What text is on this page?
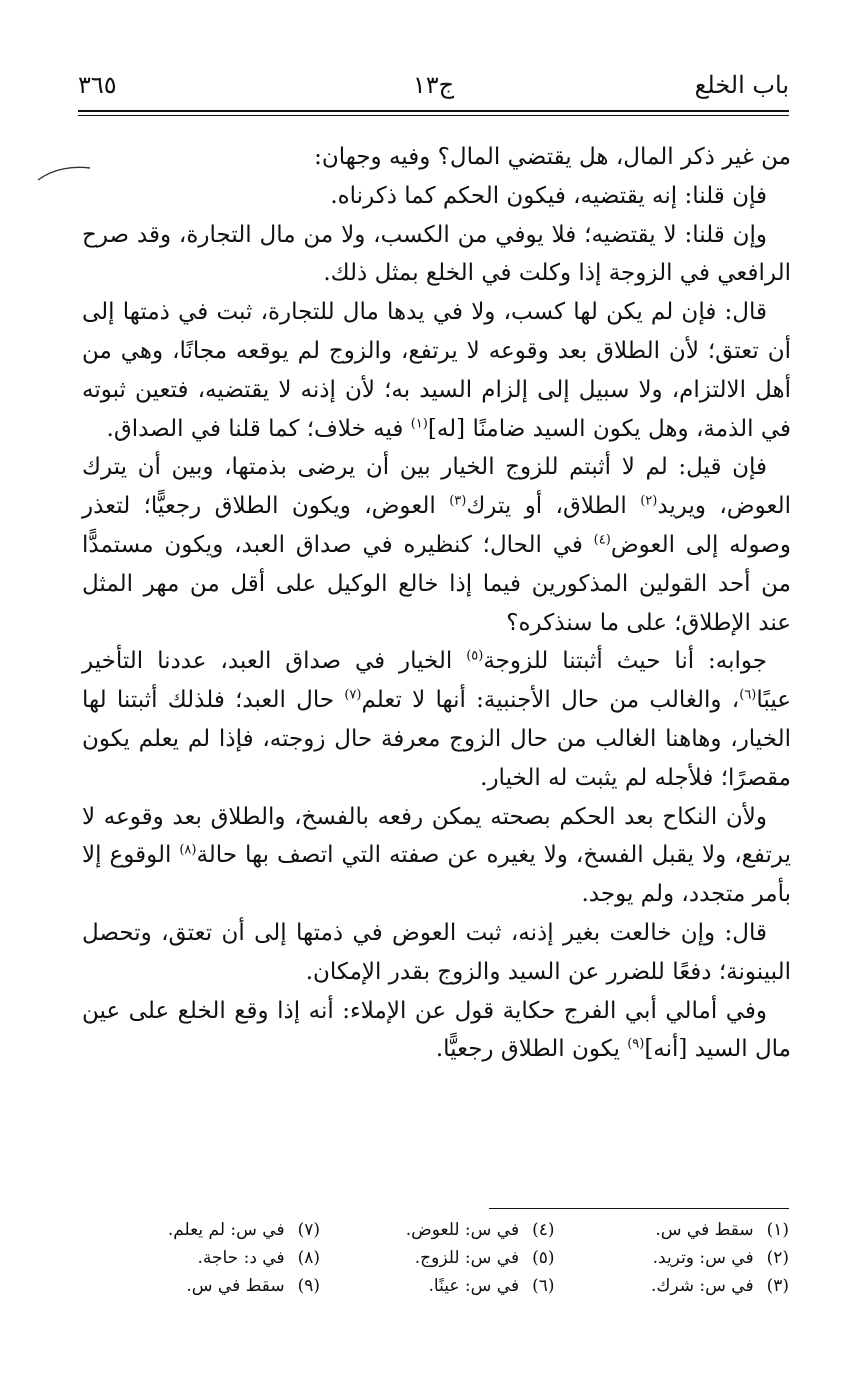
باب الخلع
ج١٣
٣٦٥

من غير ذكر المال، هل يقتضي المال؟ وفيه وجهان:

فإن قلنا: إنه يقتضيه، فيكون الحكم كما ذكرناه.

وإن قلنا: لا يقتضيه؛ فلا يوفي من الكسب، ولا من مال التجارة، وقد صرح الرافعي في الزوجة إذا وكلت في الخلع بمثل ذلك.

قال: فإن لم يكن لها كسب، ولا في يدها مال للتجارة، ثبت في ذمتها إلى أن تعتق؛ لأن الطلاق بعد وقوعه لا يرتفع، والزوج لم يوقعه مجانًا، وهي من أهل الالتزام، ولا سبيل إلى إلزام السيد به؛ لأن إذنه لا يقتضيه، فتعين ثبوته في الذمة، وهل يكون السيد ضامنًا [له]$^{(١)}$ فيه خلاف؛ كما قلنا في الصداق.

فإن قيل: لم لا أثبتم للزوج الخيار بين أن يرضى بذمتها، وبين أن يترك العوض، ويريد$^{(٢)}$ الطلاق، أو يترك$^{(٣)}$ العوض، ويكون الطلاق رجعيًّا؛ لتعذر وصوله إلى العوض$^{(٤)}$ في الحال؛ كنظيره في صداق العبد، ويكون مستمدًّا من أحد القولين المذكورين فيما إذا خالع الوكيل على أقل من مهر المثل عند الإطلاق؛ على ما سنذكره؟

جوابه: أنا حيث أثبتنا للزوجة$^{(٥)}$ الخيار في صداق العبد، عددنا التأخير عيبًا$^{(٦)}$، والغالب من حال الأجنبية: أنها لا تعلم$^{(٧)}$ حال العبد؛ فلذلك أثبتنا لها الخيار، وهاهنا الغالب من حال الزوج معرفة حال زوجته، فإذا لم يعلم يكون مقصرًا؛ فلأجله لم يثبت له الخيار.

ولأن النكاح بعد الحكم بصحته يمكن رفعه بالفسخ، والطلاق بعد وقوعه لا يرتفع، ولا يقبل الفسخ، ولا يغيره عن صفته التي اتصف بها حالة$^{(٨)}$ الوقوع إلا بأمر متجدد، ولم يوجد.

قال: وإن خالعت بغير إذنه، ثبت العوض في ذمتها إلى أن تعتق، وتحصل البينونة؛ دفعًا للضرر عن السيد والزوج بقدر الإمكان.

وفي أمالي أبي الفرج حكاية قول عن الإملاء: أنه إذا وقع الخلع على عين مال السيد [أنه]$^{(٩)}$ يكون الطلاق رجعيًّا.

(١) سقط في س.
(٢) في س: وتريد.
(٣) في س: شرك.
(٤) في س: للعوض.
(٥) في س: للزوج.
(٦) في س: عينًا.
(٧) في س: لم يعلم.
(٨) في د: حاجة.
(٩) سقط في س.
